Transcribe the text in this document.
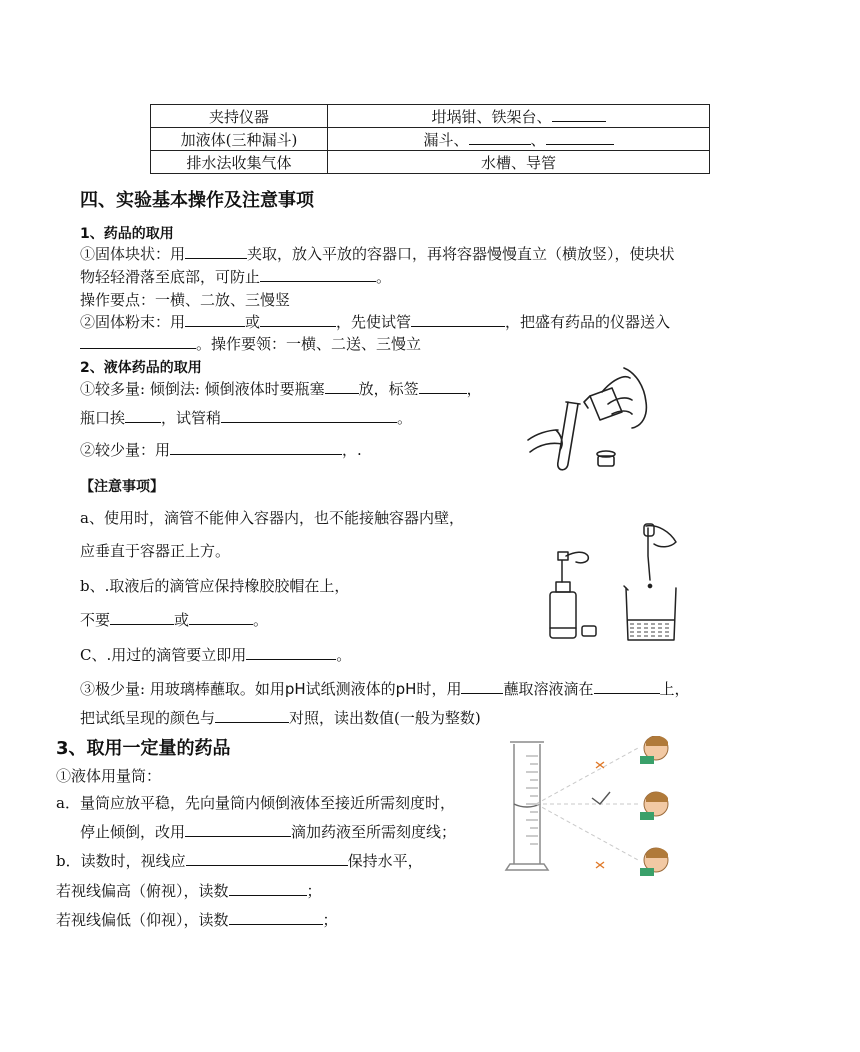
夹持仪器	坩埚钳、铁架台、
加液体(三种漏斗)	漏斗、 、
排水法收集气体	水槽、导管
四、实验基本操作及注意事项
1、药品的取用
①固体块状：用	夹取，放入平放的容器口，再将容器慢慢直立（横放竖），使块状
物轻轻滑落至底部，可防止	。
操作要点：一横、二放、三慢竖
②固体粉末：用	或	，先使试管	，把盛有药品的仪器送入
。操作要领：一横、二送、三慢立
2、液体药品的取用
①较多量: 倾倒法: 倾倒液体时要瓶塞 放，标签	，
瓶口挨 ，试管稍	。
②较少量：用	，.
【注意事项】
a、使用时，滴管不能伸入容器内，也不能接触容器内壁，
应垂直于容器正上方。
b、.取液后的滴管应保持橡胶胶帽在上，
不要	或	。
C、.用过的滴管要立即用	。
③极少量: 用玻璃棒蘸取。如用pH试纸测液体的pH时，用	蘸取溶液滴在	上，
把试纸呈现的颜色与	对照，读出数值(一般为整数)
3、取用一定量的药品
①液体用量筒：
a．量筒应放平稳，先向量筒内倾倒液体至接近所需刻度时，
停止倾倒，改用	滴加药液至所需刻度线；
b．读数时，视线应	保持水平，
若视线偏高（俯视），读数	；
若视线偏低（仰视），读数	；
